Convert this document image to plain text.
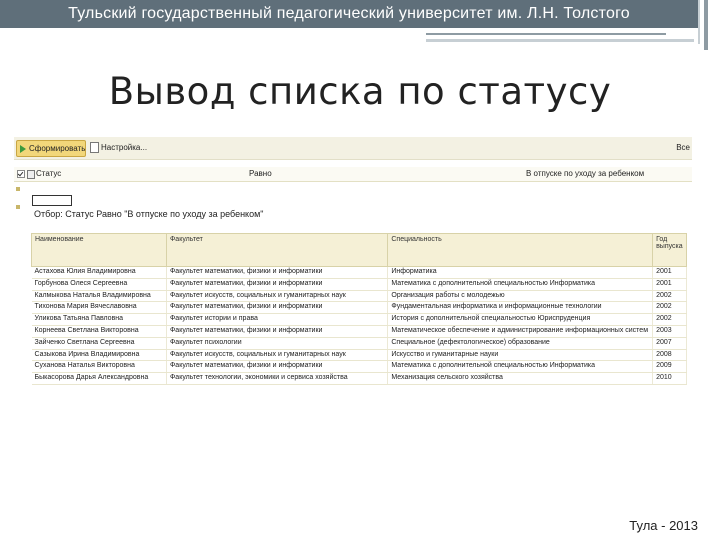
Тульский государственный педагогический университет им. Л.Н. Толстого
Вывод списка по статусу
Сформировать	Настройка...	Все
Статус	Равно	В отпуске по уходу за ребенком
Отбор: Статус Равно "В отпуске по уходу за ребенком"
Наименование	Факультет	Специальность	Год выпуска
Астахова Юлия Владимировна	Факультет математики, физики и информатики	Информатика	2001
Горбунова Олеся Сергеевна	Факультет математики, физики и информатики	Математика с дополнительной специальностью Информатика	2001
Калмыкова Наталья Владимировна	Факультет искусств, социальных и гуманитарных наук	Организация работы с молодежью	2002
Тихонова Мария Вячеславовна	Факультет математики, физики и информатики	Фундаментальная информатика и информационные технологии	2002
Уликова Татьяна Павловна	Факультет истории и права	История с дополнительной специальностью Юриспруденция	2002
Корнеева Светлана Викторовна	Факультет математики, физики и информатики	Математическое обеспечение и администрирование информационных систем	2003
Зайченко Светлана Сергеевна	Факультет психологии	Специальное (дефектологическое) образование	2007
Сазыкова Ирина Владимировна	Факультет искусств, социальных и гуманитарных наук	Искусство и гуманитарные науки	2008
Суханова Наталья Викторовна	Факультет математики, физики и информатики	Математика с дополнительной специальностью Информатика	2009
Быкасорова Дарья Александровна	Факультет технологии, экономики и сервиса хозяйства	Механизация сельского хозяйства	2010
Тула - 2013
